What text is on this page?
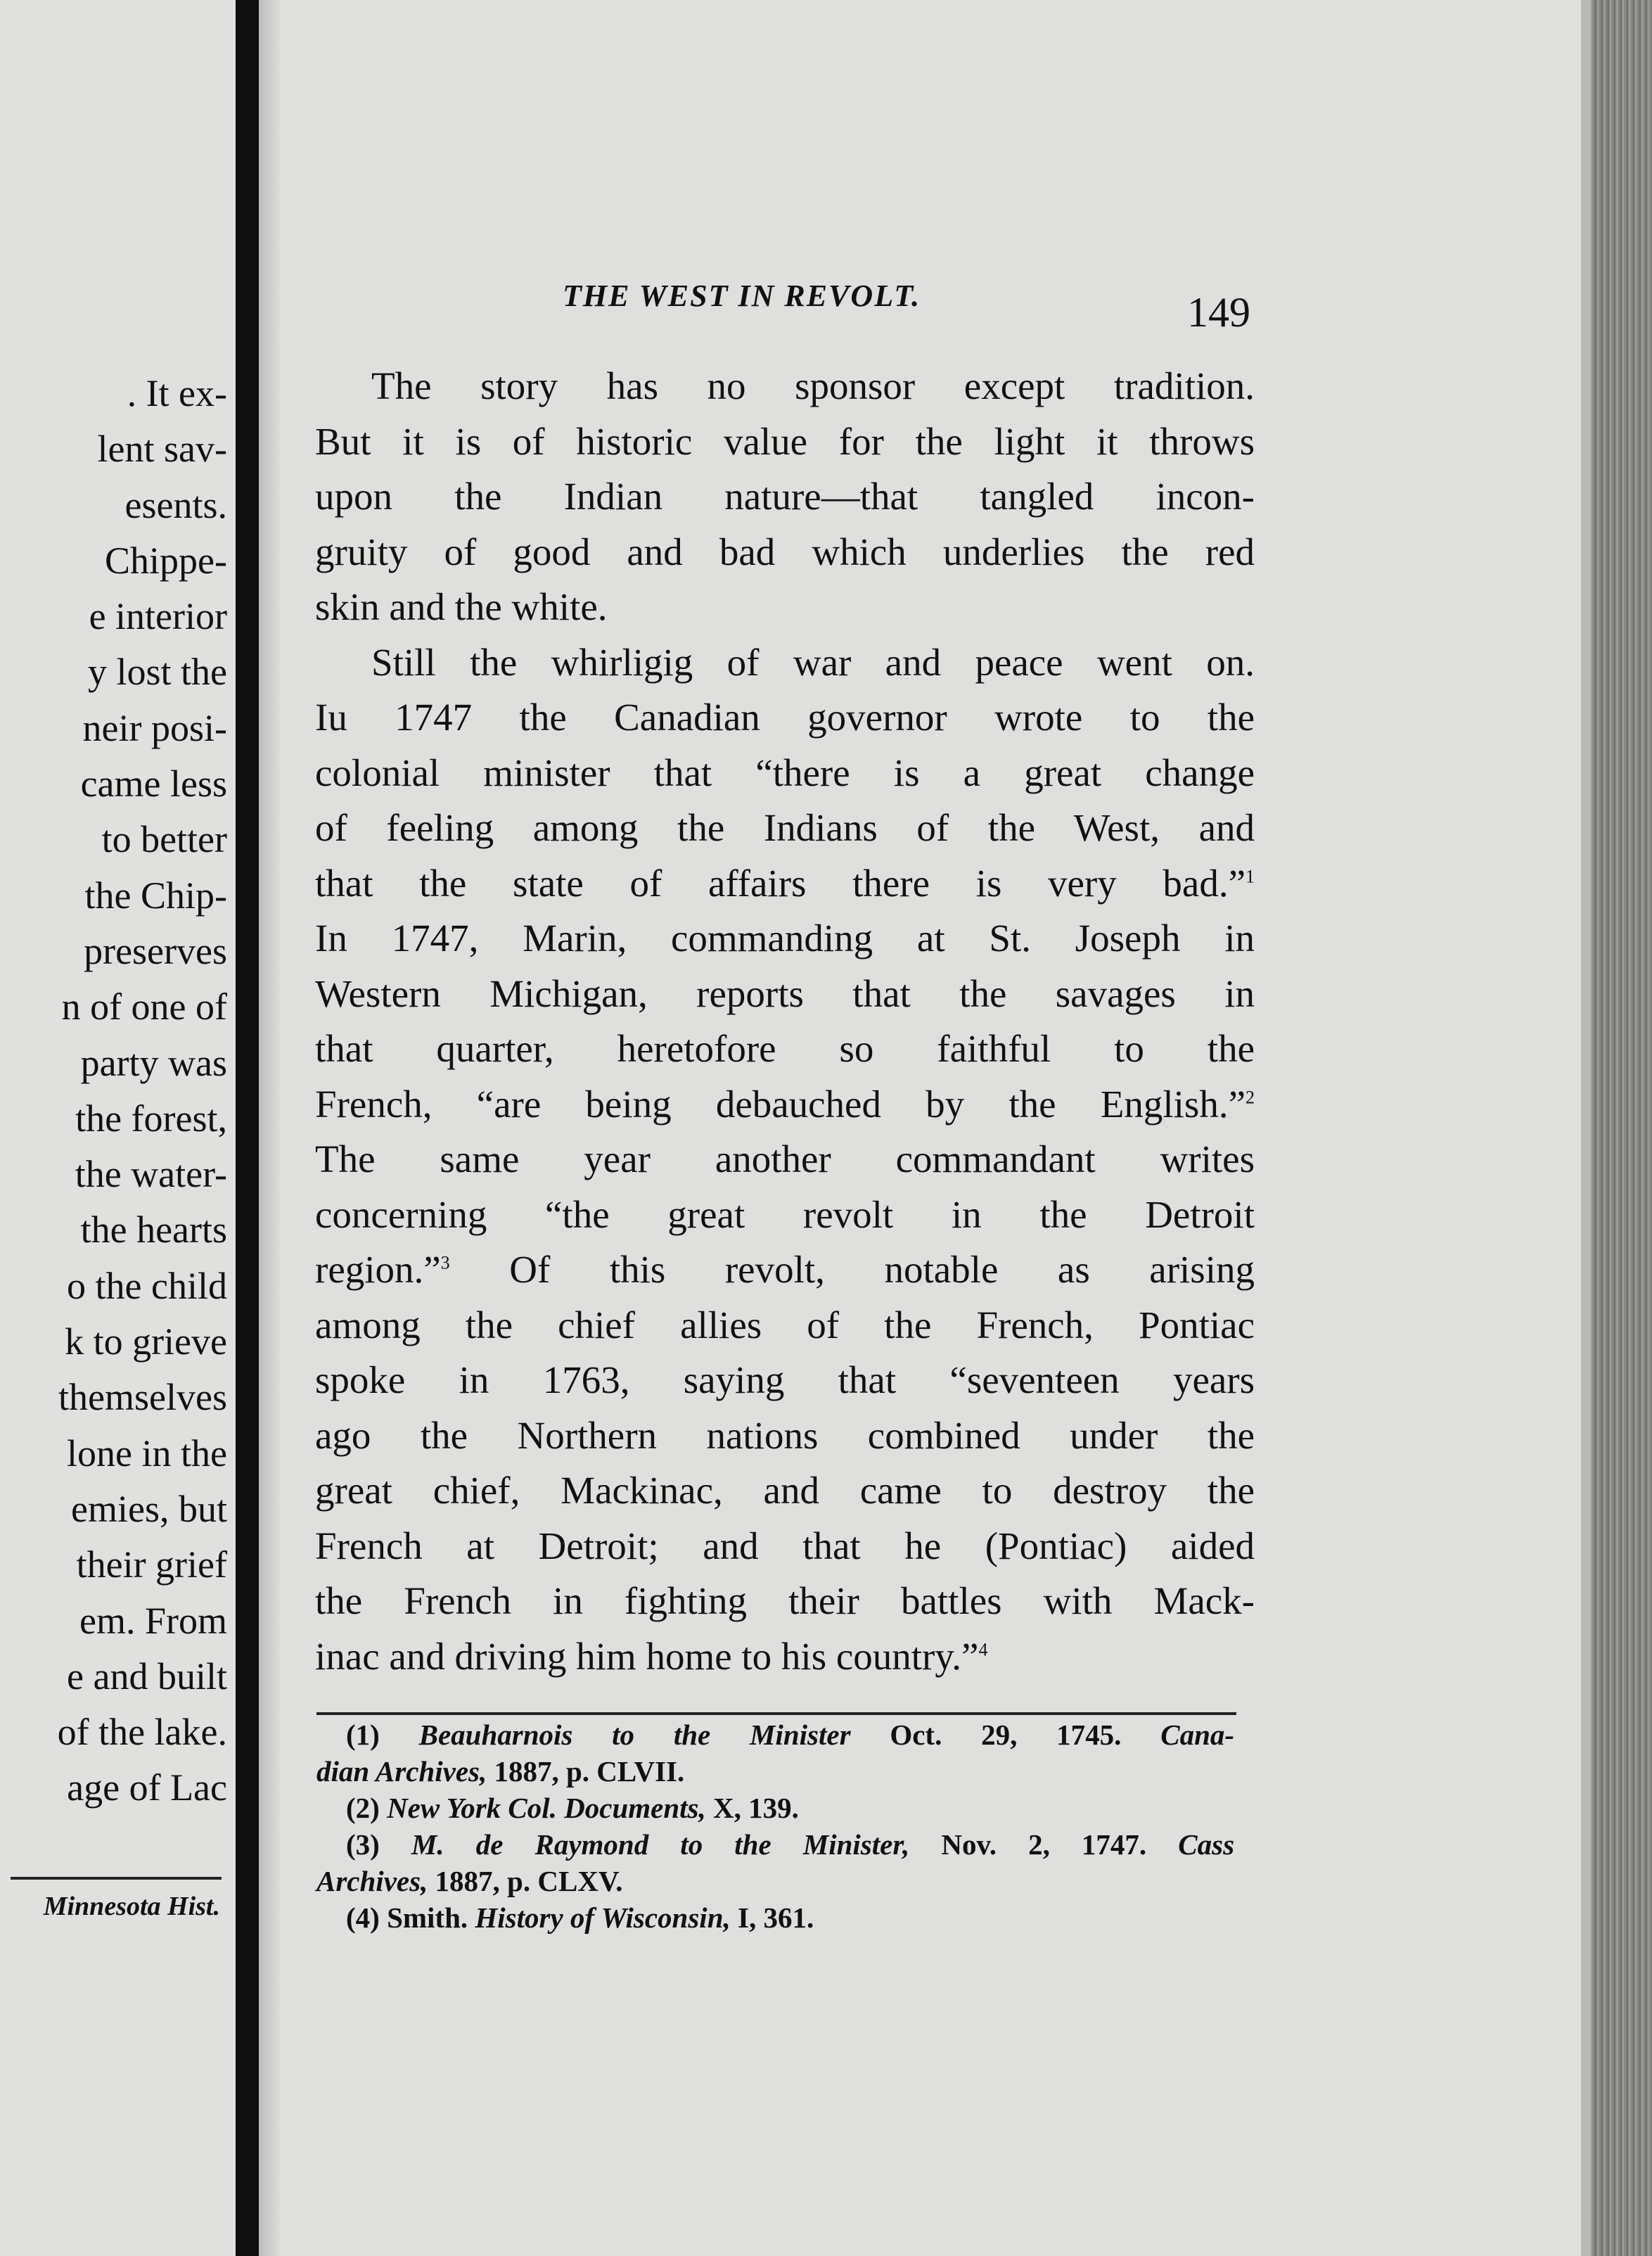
. It ex-
lent sav-
esents.
Chippe-
e interior
y lost the
neir posi-
came less
to better
the Chip-
preserves
n of one of
party was
the forest,
the water-
the hearts
o the child
k to grieve
themselves
lone in the
emies, but
their grief
em. From
e and built
of the lake.
age of Lac
Minnesota Hist.
THE WEST IN REVOLT.	149
The story has no sponsor except tradition.
But it is of historic value for the light it throws
upon the Indian nature—that tangled incon-
gruity of good and bad which underlies the red
skin and the white.
Still the whirligig of war and peace went on.
Iu 1747 the Canadian governor wrote to the
colonial minister that “there is a great change
of feeling among the Indians of the West, and
that the state of affairs there is very bad.”$^1$
In 1747, Marin, commanding at St. Joseph in
Western Michigan, reports that the savages in
that quarter, heretofore so faithful to the
French, “are being debauched by the English.”$^2$
The same year another commandant writes
concerning “the great revolt in the Detroit
region.”$^3$ Of this revolt, notable as arising
among the chief allies of the French, Pontiac
spoke in 1763, saying that “seventeen years
ago the Northern nations combined under the
great chief, Mackinac, and came to destroy the
French at Detroit; and that he (Pontiac) aided
the French in fighting their battles with Mack-
inac and driving him home to his country.”$^4$
(1) Beauharnois to the Minister Oct. 29, 1745. Cana-
dian Archives, 1887, p. CLVII.
(2) New York Col. Documents, X, 139.
(3) M. de Raymond to the Minister, Nov. 2, 1747. Cass
Archives, 1887, p. CLXV.
(4) Smith. History of Wisconsin, I, 361.
